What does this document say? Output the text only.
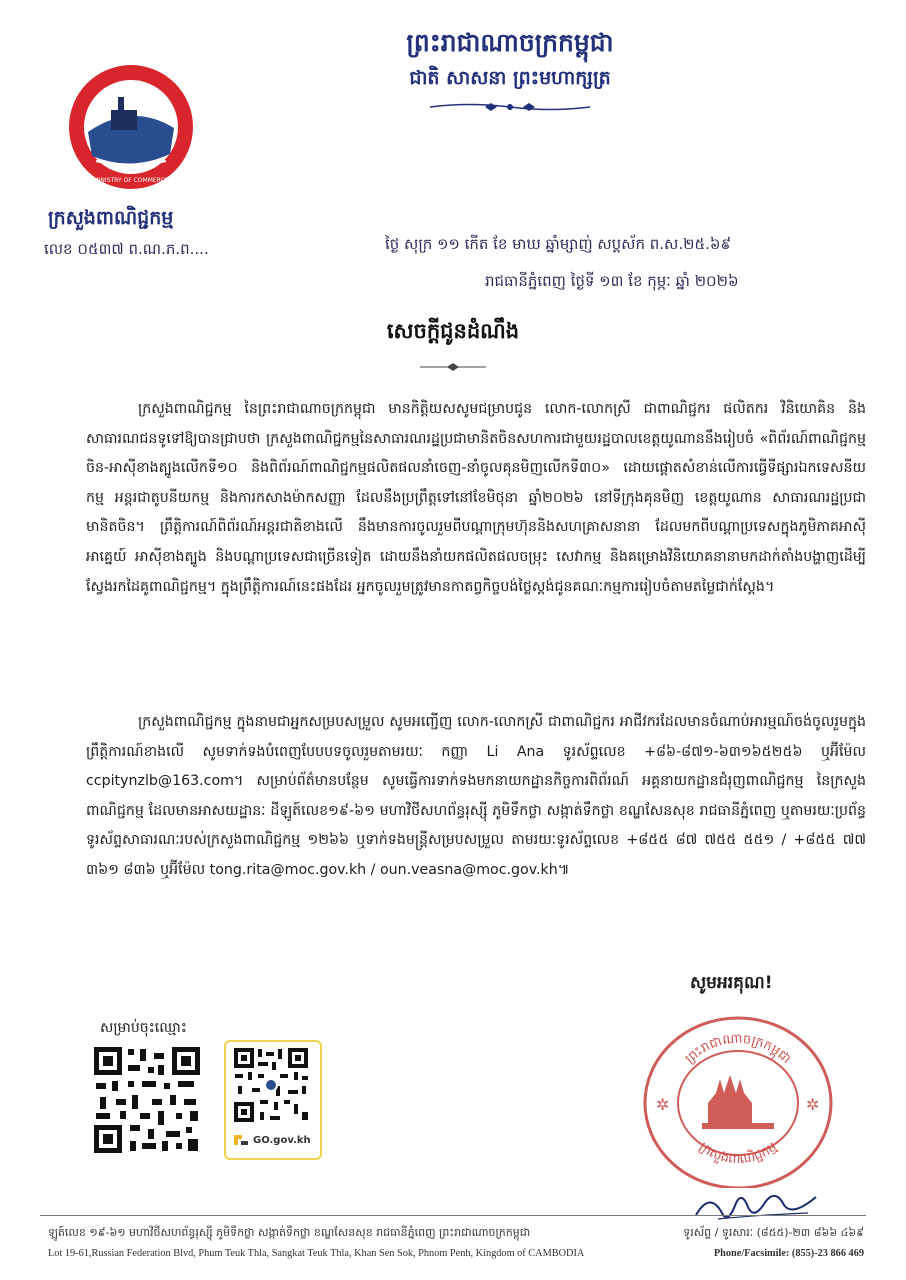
ព្រះរាជាណាចក្រកម្ពុជា
ជាតិ សាសនា ព្រះមហាក្សត្រ
ក្រសួងពាណិជ្ជកម្ម
MINISTRY OF COMMERCE
ក្រសួងពាណិជ្ជកម្ម
លេខ ០៥៣៧ ព.ណ.ភ.ព....	ថ្ងៃ សុក្រ ១១ កើត ខែ មាឃ ឆ្នាំម្សាញ់ សប្តស័ក ព.ស.២៥.៦៩
រាជធានីភ្នំពេញ ថ្ងៃទី ១៣ ខែ កុម្ភៈ ឆ្នាំ ២០២៦
សេចក្តីជូនដំណឹង
ក្រសួងពាណិជ្ជកម្ម នៃព្រះរាជាណាចក្រកម្ពុជា មានកិត្តិយសសូមជម្រាបជូន លោក-លោកស្រី ជាពាណិជ្ជករ ផលិតករ វិនិយោគិន និងសាធារណជនទូទៅឱ្យបានជ្រាបថា ក្រសួងពាណិជ្ជកម្មនៃសាធារណរដ្ឋប្រជាមានិតចិនសហការជាមួយរដ្ឋបាលខេត្តយូណាននឹងរៀបចំ «ពិព័រណ៍ពាណិជ្ជកម្មចិន-អាស៊ីខាងត្បូងលើកទី១០ និងពិព័រណ៍ពាណិជ្ជកម្មផលិតផលនាំចេញ-នាំចូលគុនមិញលើកទី៣០» ដោយផ្តោតសំខាន់លើការធ្វើទីផ្សារឯកទេសនីយកម្ម អន្តរជាតូបនីយកម្ម និងការកសាងម៉ាកសញ្ញា ដែលនឹងប្រព្រឹត្តទៅនៅខែមិថុនា ឆ្នាំ២០២៦ នៅទីក្រុងគុនមិញ ខេត្តយូណាន សាធារណរដ្ឋប្រជាមានិតចិន។ ព្រឹត្តិការណ៍ពិព័រណ៍អន្តរជាតិខាងលើ នឹងមានការចូលរួមពីបណ្តាក្រុមហ៊ុននិងសហគ្រាសនានា ដែលមកពីបណ្តាប្រទេសក្នុងភូមិភាគអាស៊ីអាគ្នេយ៍ អាស៊ីខាងត្បូង និងបណ្តាប្រទេសជាច្រើនទៀត ដោយនឹងនាំយកផលិតផលចម្រុះ សេវាកម្ម និងគម្រោងវិនិយោគនានាមកដាក់តាំងបង្ហាញដើម្បីស្វែងរកដៃគូពាណិជ្ជកម្ម។ ក្នុងព្រឹត្តិការណ៍នេះផងដែរ អ្នកចូលរួមត្រូវមានកាតព្វកិច្ចបង់ថ្លៃស្តង់ជូនគណៈកម្មការរៀបចំតាមតម្លៃជាក់ស្តែង។
ក្រសួងពាណិជ្ជកម្ម ក្នុងនាមជាអ្នកសម្របសម្រួល សូមអញ្ជើញ លោក-លោកស្រី ជាពាណិជ្ជករ អាជីវករដែលមានចំណាប់អារម្មណ៍ចង់ចូលរួមក្នុងព្រឹត្តិការណ៍ខាងលើ សូមទាក់ទងបំពេញបែបបទចូលរួមតាមរយៈ កញ្ញា Li Ana ទូរស័ព្ទលេខ +៨៦-៨៧១-៦៣១៦៥២៥៦ ឬអ៊ីម៉ែល ccpitynzlb@163.com។ សម្រាប់ព័ត៌មានបន្ថែម សូមធ្វើការទាក់ទងមកនាយកដ្ឋានកិច្ចការពិព័រណ៍ អគ្គនាយកដ្ឋានជំរុញពាណិជ្ជកម្ម នៃក្រសួងពាណិជ្ជកម្ម ដែលមានអាសយដ្ឋានៈ ដីឡូត៍លេខ១៩-៦១ មហាវិថីសហព័ន្ធរុស្ស៊ី ភូមិទឹកថ្លា សង្កាត់ទឹកថ្លា ខណ្ឌសែនសុខ រាជធានីភ្នំពេញ ឬតាមរយៈប្រព័ន្ធទូរស័ព្ទសាធារណៈរបស់ក្រសួងពាណិជ្ជកម្ម ១២៦៦ ឬទាក់ទងមន្រ្តីសម្របសម្រួល តាមរយៈទូរស័ព្ទលេខ +៨៥៥ ៨៧ ៧៥៥ ៥៥១ / +៨៥៥ ៧៧ ៣៦១ ៨៣៦ ឬអ៊ីម៉ែល tong.rita@moc.gov.kh / oun.veasna@moc.gov.kh៕
សូមអរគុណ!
សម្រាប់ចុះឈ្មោះ
GO.gov.kh
ព្រះរាជាណាចក្រកម្ពុជា
ក្រសួងពាណិជ្ជកម្ម
✲	✲
ឡូត៍លេខ ១៩-៦១ មហាវិថីសហព័ន្ធរុស្ស៊ី ភូមិទឹកថ្លា សង្កាត់ទឹកថ្លា ខណ្ឌសែនសុខ រាជធានីភ្នំពេញ ព្រះរាជាណាចក្រកម្ពុជា	ទូរស័ព្ទ / ទូរសារៈ (៨៥៥)-២៣ ៨៦៦ ៤៦៩
Lot 19-61,Russian Federation Blvd, Phum Teuk Thla, Sangkat Teuk Thla, Khan Sen Sok, Phnom Penh, Kingdom of CAMBODIA	Phone/Facsimile: (855)-23 866 469
